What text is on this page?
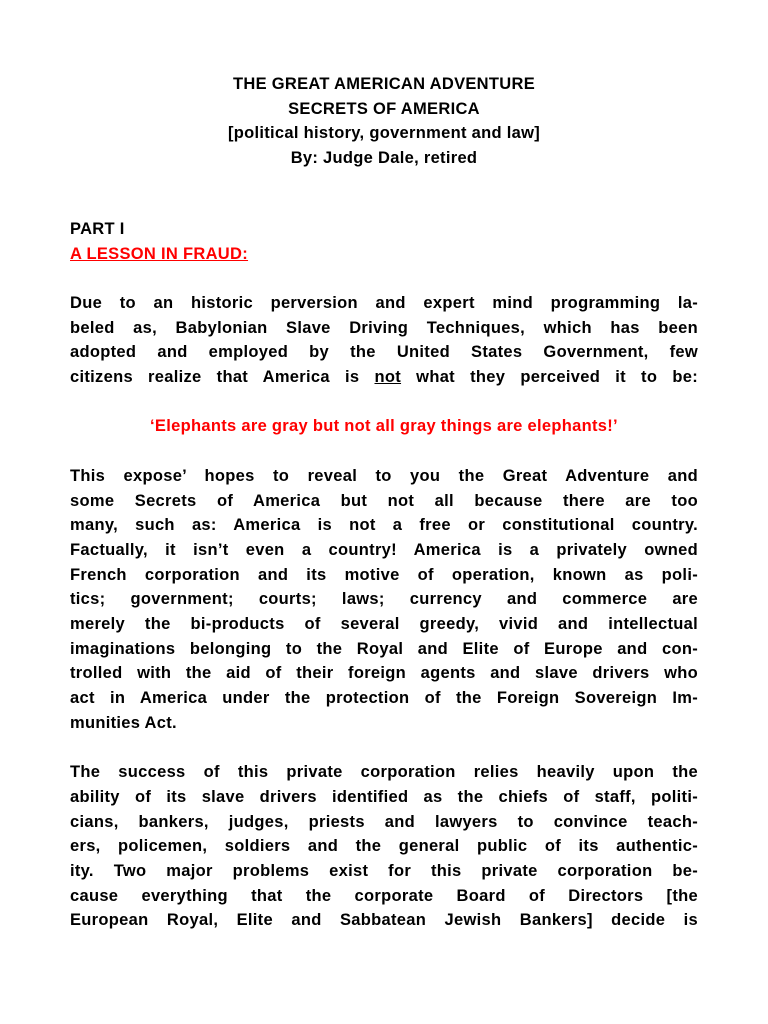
THE GREAT AMERICAN ADVENTURE
SECRETS OF AMERICA
[political history, government and law]
By: Judge Dale, retired
PART I
A LESSON IN FRAUD:
Due to an historic perversion and expert mind programming la-
beled as, Babylonian Slave Driving Techniques, which has been
adopted and employed by the United States Government, few
citizens realize that America is not what they perceived it to be:
‘Elephants are gray but not all gray things are elephants!’
This expose’ hopes to reveal to you the Great Adventure and
some Secrets of America but not all because there are too
many, such as: America is not a free or constitutional country.
Factually, it isn’t even a country! America is a privately owned
French corporation and its motive of operation, known as poli-
tics; government; courts; laws; currency and commerce are
merely the bi-products of several greedy, vivid and intellectual
imaginations belonging to the Royal and Elite of Europe and con-
trolled with the aid of their foreign agents and slave drivers who
act in America under the protection of the Foreign Sovereign Im-
munities Act.
The success of this private corporation relies heavily upon the
ability of its slave drivers identified as the chiefs of staff, politi-
cians, bankers, judges, priests and lawyers to convince teach-
ers, policemen, soldiers and the general public of its authentic-
ity. Two major problems exist for this private corporation be-
cause everything that the corporate Board of Directors [the
European Royal, Elite and Sabbatean Jewish Bankers] decide is
